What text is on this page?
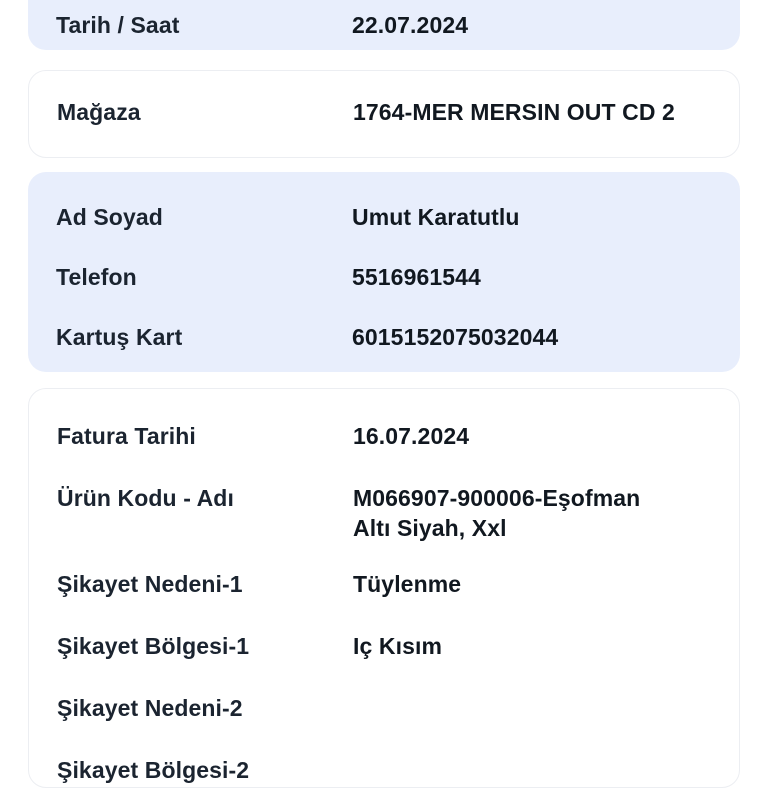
Tarih / Saat	22.07.2024
Mağaza	1764-MER MERSIN OUT CD 2
Ad Soyad	Umut Karatutlu
Telefon	5516961544
Kartuş Kart	6015152075032044
Fatura Tarihi	16.07.2024
Ürün Kodu - Adı	M066907-900006-Eşofman
Altı Siyah, Xxl
Şikayet Nedeni-1	Tüylenme
Şikayet Bölgesi-1	Iç Kısım
Şikayet Nedeni-2
Şikayet Bölgesi-2
